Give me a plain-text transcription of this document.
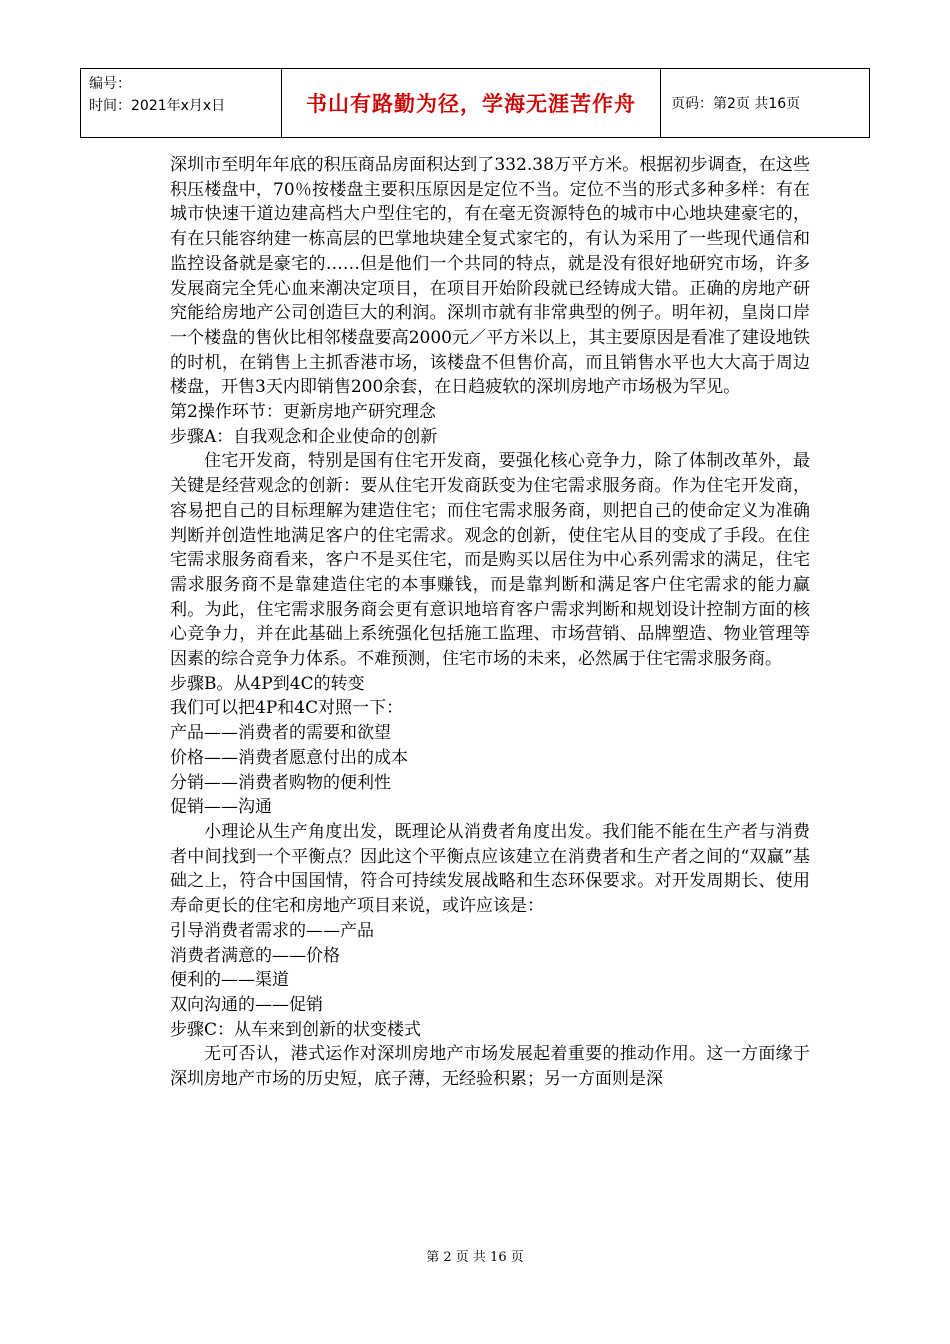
编号：
时间：2021年x月x日	书山有路勤为径，学海无涯苦作舟	页码：第2页 共16页

深圳市至明年年底的积压商品房面积达到了332.38万平方米。根据初步调查，在这些积压楼盘中，70％按楼盘主要积压原因是定位不当。定位不当的形式多种多样：有在城市快速干道边建高档大户型住宅的，有在毫无资源特色的城市中心地块建豪宅的，有在只能容纳建一栋高层的巴掌地块建全复式家宅的，有认为采用了一些现代通信和监控设备就是豪宅的……但是他们一个共同的特点，就是没有很好地研究市场，许多发展商完全凭心血来潮决定项目，在项目开始阶段就已经铸成大错。正确的房地产研究能给房地产公司创造巨大的利润。深圳市就有非常典型的例子。明年初，皇岗口岸一个楼盘的售伙比相邻楼盘要高2000元／平方米以上，其主要原因是看准了建设地铁的时机，在销售上主抓香港市场，该楼盘不但售价高，而且销售水平也大大高于周边楼盘，开售3天内即销售200余套，在日趋疲软的深圳房地产市场极为罕见。

第2操作环节：更新房地产研究理念

步骤A：自我观念和企业使命的创新

住宅开发商，特别是国有住宅开发商，要强化核心竞争力，除了体制改革外，最关键是经营观念的创新：要从住宅开发商跃变为住宅需求服务商。作为住宅开发商，容易把自己的目标理解为建造住宅；而住宅需求服务商，则把自己的使命定义为准确判断并创造性地满足客户的住宅需求。观念的创新，使住宅从目的变成了手段。在住宅需求服务商看来，客户不是买住宅，而是购买以居住为中心系列需求的满足，住宅需求服务商不是靠建造住宅的本事赚钱，而是靠判断和满足客户住宅需求的能力赢利。为此，住宅需求服务商会更有意识地培育客户需求判断和规划设计控制方面的核心竞争力，并在此基础上系统强化包括施工监理、市场营销、品牌塑造、物业管理等因素的综合竞争力体系。不难预测，住宅市场的未来，必然属于住宅需求服务商。

步骤B。从4P到4C的转变

我们可以把4P和4C对照一下：

产品——消费者的需要和欲望

价格——消费者愿意付出的成本

分销——消费者购物的便利性

促销——沟通

小理论从生产角度出发，既理论从消费者角度出发。我们能不能在生产者与消费者中间找到一个平衡点？因此这个平衡点应该建立在消费者和生产者之间的“双赢”基础之上，符合中国国情，符合可持续发展战略和生态环保要求。对开发周期长、使用寿命更长的住宅和房地产项目来说，或许应该是：

引导消费者需求的——产品

消费者满意的——价格

便利的——渠道

双向沟通的——促销

步骤C：从车来到创新的状变楼式

无可否认，港式运作对深圳房地产市场发展起着重要的推动作用。这一方面缘于深圳房地产市场的历史短，底子薄，无经验积累；另一方面则是深

第 2 页 共 16 页
